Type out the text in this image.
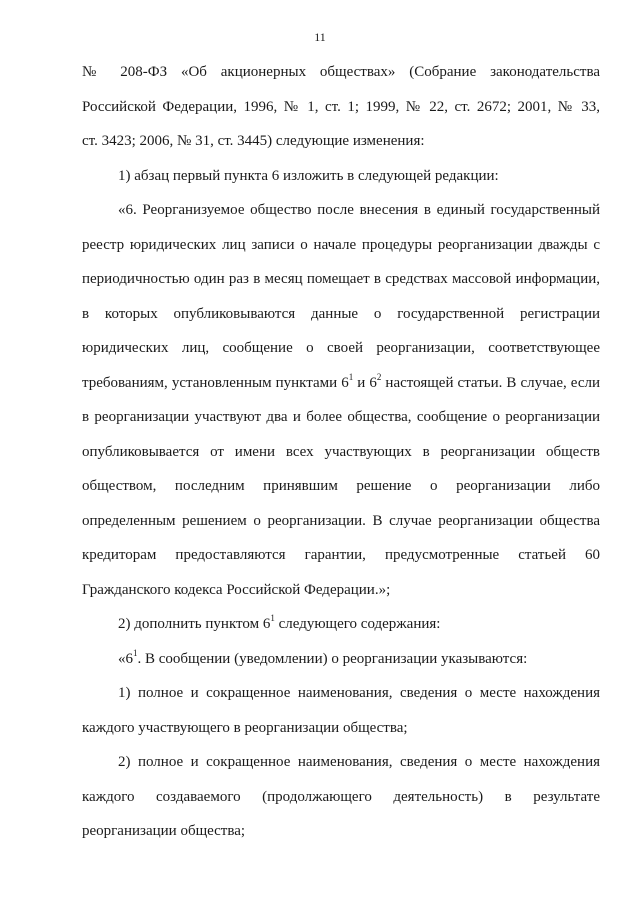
11
№ 208-ФЗ «Об акционерных обществах» (Собрание законодательства
Российской Федерации, 1996, № 1, ст. 1; 1999, № 22, ст. 2672; 2001, № 33,
ст. 3423; 2006, № 31, ст. 3445) следующие изменения:
1) абзац первый пункта 6 изложить в следующей редакции:
«6. Реорганизуемое общество после внесения в единый государственный
реестр юридических лиц записи о начале процедуры реорганизации дважды с
периодичностью один раз в месяц помещает в средствах массовой информации,
в которых опубликовываются данные о государственной регистрации
юридических лиц, сообщение о своей реорганизации, соответствующее
требованиям, установленным пунктами $6^1$ и $6^2$ настоящей статьи. В случае, если
в реорганизации участвуют два и более общества, сообщение о реорганизации
опубликовывается от имени всех участвующих в реорганизации обществ
обществом, последним принявшим решение о реорганизации либо
определенным решением о реорганизации. В случае реорганизации общества
кредиторам предоставляются гарантии, предусмотренные статьей 60
Гражданского кодекса Российской Федерации.»;
2) дополнить пунктом $6^1$ следующего содержания:
«$6^1$. В сообщении (уведомлении) о реорганизации указываются:
1) полное и сокращенное наименования, сведения о месте нахождения
каждого участвующего в реорганизации общества;
2) полное и сокращенное наименования, сведения о месте нахождения
каждого создаваемого (продолжающего деятельность) в результате
реорганизации общества;
